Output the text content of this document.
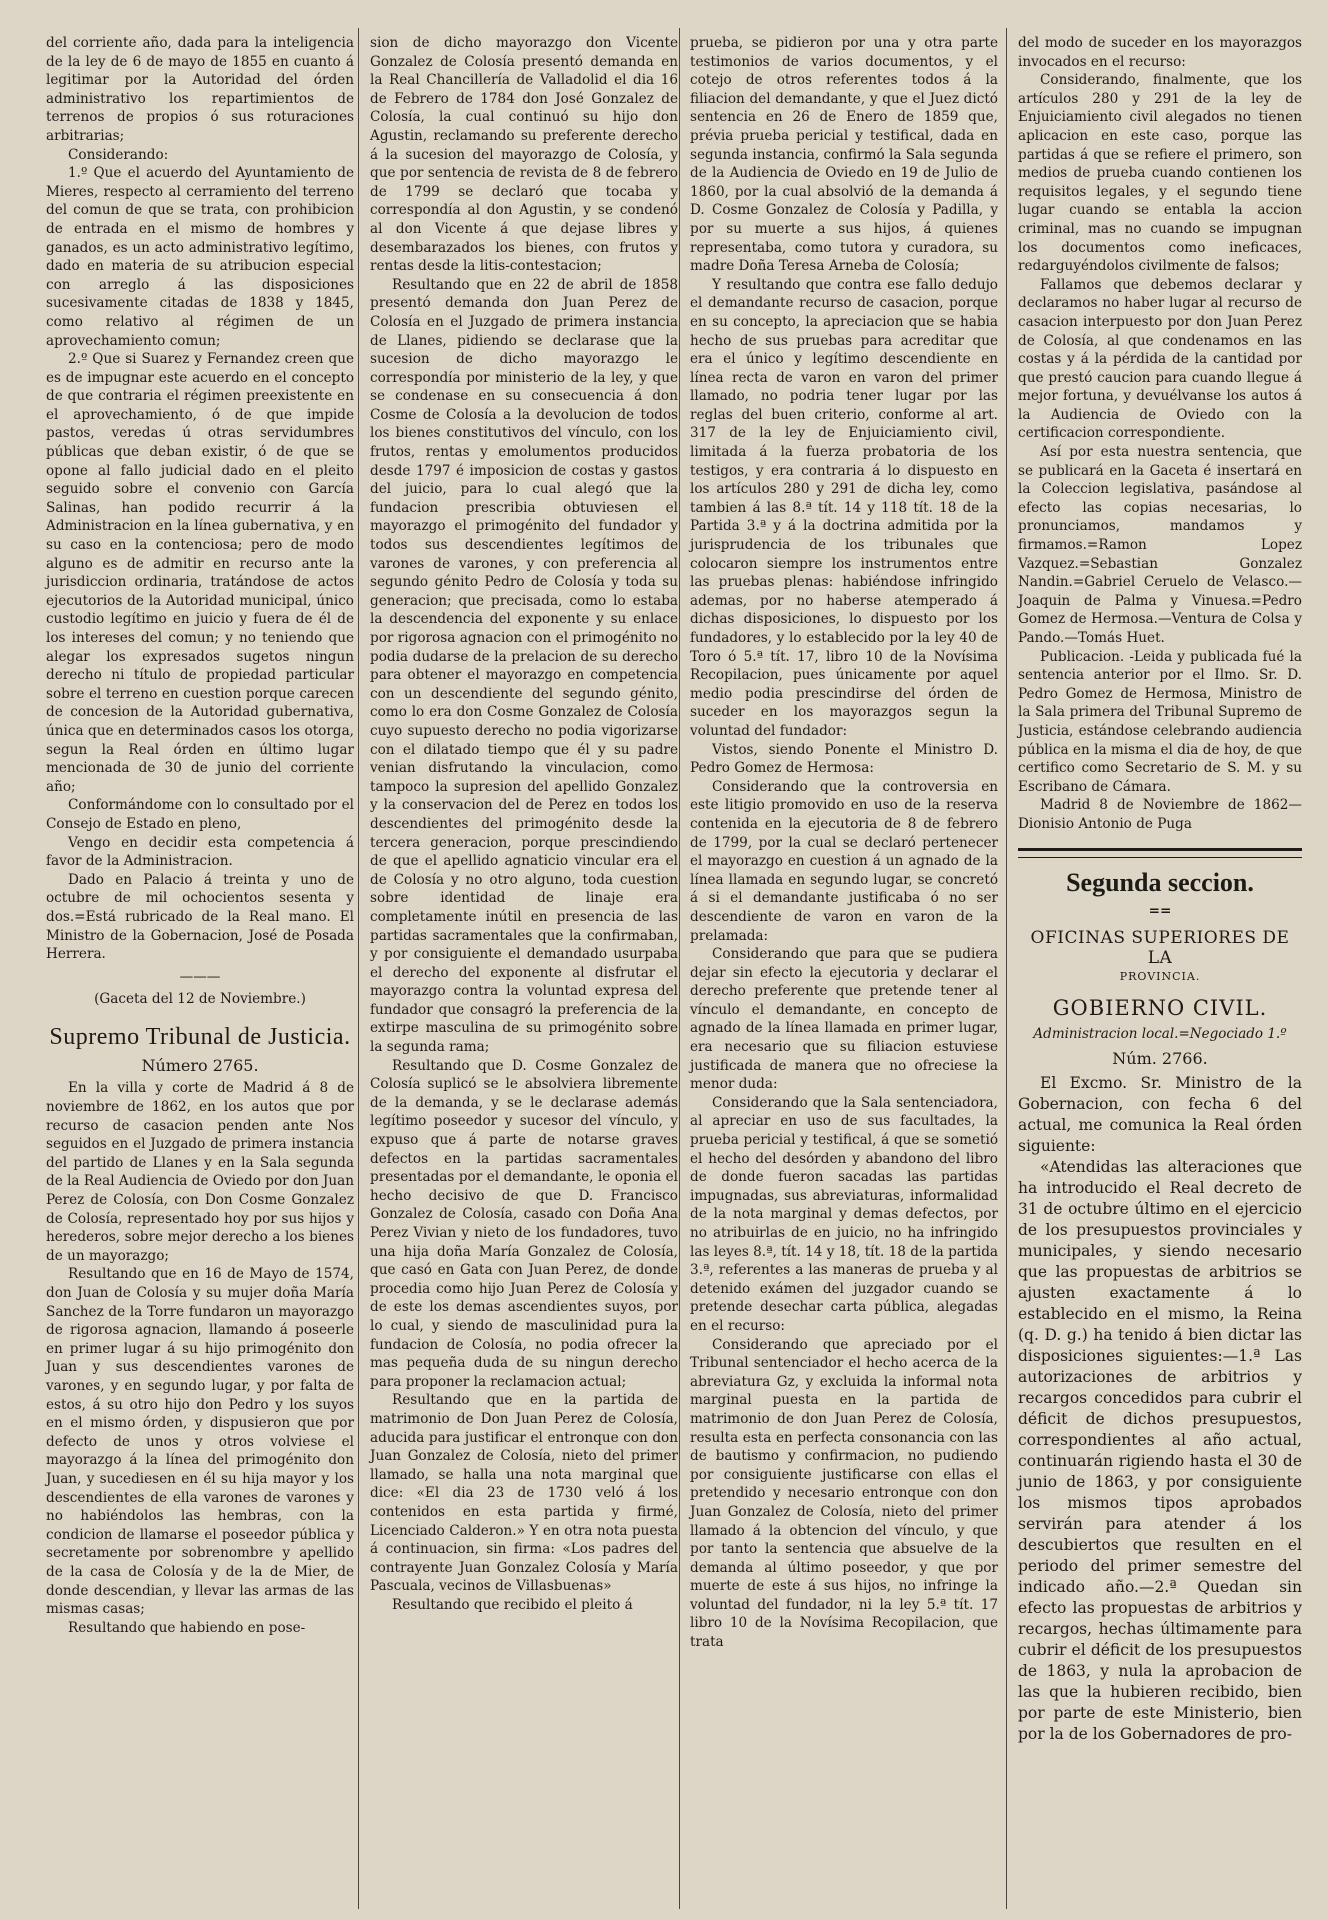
del corriente año, dada para la inteligencia de la ley de 6 de mayo de 1855 en cuanto á legitimar por la Autoridad del órden administrativo los repartimientos de terrenos de propios ó sus roturaciones arbitrarias;

Considerando:

1.º Que el acuerdo del Ayuntamiento de Mieres, respecto al cerramiento del terreno del comun de que se trata, con prohibicion de entrada en el mismo de hombres y ganados, es un acto administrativo legítimo, dado en materia de su atribucion especial con arreglo á las disposiciones sucesivamente citadas de 1838 y 1845, como relativo al régimen de un aprovechamiento comun;

2.º Que si Suarez y Fernandez creen que es de impugnar este acuerdo en el concepto de que contraria el régimen preexistente en el aprovechamiento, ó de que impide pastos, veredas ú otras servidumbres públicas que deban existir, ó de que se opone al fallo judicial dado en el pleito seguido sobre el convenio con García Salinas, han podido recurrir á la Administracion en la línea gubernativa, y en su caso en la contenciosa; pero de modo alguno es de admitir en recurso ante la jurisdiccion ordinaria, tratándose de actos ejecutorios de la Autoridad municipal, único custodio legítimo en juicio y fuera de él de los intereses del comun; y no teniendo que alegar los expresados sugetos ningun derecho ni título de propiedad particular sobre el terreno en cuestion porque carecen de concesion de la Autoridad gubernativa, única que en determinados casos los otorga, segun la Real órden en último lugar mencionada de 30 de junio del corriente año;

Conformándome con lo consultado por el Consejo de Estado en pleno,

Vengo en decidir esta competencia á favor de la Administracion.

Dado en Palacio á treinta y uno de octubre de mil ochocientos sesenta y dos.=Está rubricado de la Real mano. El Ministro de la Gobernacion, José de Posada Herrera.

———

(Gaceta del 12 de Noviembre.)

Supremo Tribunal de Justicia.
Número 2765.

En la villa y corte de Madrid á 8 de noviembre de 1862, en los autos que por recurso de casacion penden ante Nos seguidos en el Juzgado de primera instancia del partido de Llanes y en la Sala segunda de la Real Audiencia de Oviedo por don Juan Perez de Colosía, con Don Cosme Gonzalez de Colosía, representado hoy por sus hijos y herederos, sobre mejor derecho a los bienes de un mayorazgo;

Resultando que en 16 de Mayo de 1574, don Juan de Colosía y su mujer doña María Sanchez de la Torre fundaron un mayorazgo de rigorosa agnacion, llamando á poseerle en primer lugar á su hijo primogénito don Juan y sus descendientes varones de varones, y en segundo lugar, y por falta de estos, á su otro hijo don Pedro y los suyos en el mismo órden, y dispusieron que por defecto de unos y otros volviese el mayorazgo á la línea del primogénito don Juan, y sucediesen en él su hija mayor y los descendientes de ella varones de varones y no habiéndolos las hembras, con la condicion de llamarse el poseedor pública y secretamente por sobrenombre y apellido de la casa de Colosía y de la de Mier, de donde descendian, y llevar las armas de las mismas casas;

Resultando que habiendo en pose-

sion de dicho mayorazgo don Vicente Gonzalez de Colosía presentó demanda en la Real Chancillería de Valladolid el dia 16 de Febrero de 1784 don José Gonzalez de Colosía, la cual continuó su hijo don Agustin, reclamando su preferente derecho á la sucesion del mayorazgo de Colosía, y que por sentencia de revista de 8 de febrero de 1799 se declaró que tocaba y correspondía al don Agustin, y se condenó al don Vicente á que dejase libres y desembarazados los bienes, con frutos y rentas desde la litis-contestacion;

Resultando que en 22 de abril de 1858 presentó demanda don Juan Perez de Colosía en el Juzgado de primera instancia de Llanes, pidiendo se declarase que la sucesion de dicho mayorazgo le correspondía por ministerio de la ley, y que se condenase en su consecuencia á don Cosme de Colosía a la devolucion de todos los bienes constitutivos del vínculo, con los frutos, rentas y emolumentos producidos desde 1797 é imposicion de costas y gastos del juicio, para lo cual alegó que la fundacion prescribia obtuviesen el mayorazgo el primogénito del fundador y todos sus descendientes legítimos de varones de varones, y con preferencia al segundo génito Pedro de Colosía y toda su generacion; que precisada, como lo estaba la descendencia del exponente y su enlace por rigorosa agnacion con el primogénito no podia dudarse de la prelacion de su derecho para obtener el mayorazgo en competencia con un descendiente del segundo génito, como lo era don Cosme Gonzalez de Colosía cuyo supuesto derecho no podia vigorizarse con el dilatado tiempo que él y su padre venian disfrutando la vinculacion, como tampoco la supresion del apellido Gonzalez y la conservacion del de Perez en todos los descendientes del primogénito desde la tercera generacion, porque prescindiendo de que el apellido agnaticio vincular era el de Colosía y no otro alguno, toda cuestion sobre identidad de linaje era completamente inútil en presencia de las partidas sacramentales que la confirmaban, y por consiguiente el demandado usurpaba el derecho del exponente al disfrutar el mayorazgo contra la voluntad expresa del fundador que consagró la preferencia de la extirpe masculina de su primogénito sobre la segunda rama;

Resultando que D. Cosme Gonzalez de Colosía suplicó se le absolviera libremente de la demanda, y se le declarase además legítimo poseedor y sucesor del vínculo, y expuso que á parte de notarse graves defectos en la partidas sacramentales presentadas por el demandante, le oponia el hecho decisivo de que D. Francisco Gonzalez de Colosía, casado con Doña Ana Perez Vivian y nieto de los fundadores, tuvo una hija doña María Gonzalez de Colosía, que casó en Gata con Juan Perez, de donde procedia como hijo Juan Perez de Colosía y de este los demas ascendientes suyos, por lo cual, y siendo de masculinidad pura la fundacion de Colosía, no podia ofrecer la mas pequeña duda de su ningun derecho para proponer la reclamacion actual;

Resultando que en la partida de matrimonio de Don Juan Perez de Colosía, aducida para justificar el entronque con don Juan Gonzalez de Colosía, nieto del primer llamado, se halla una nota marginal que dice: «El dia 23 de 1730 veló á los contenidos en esta partida y firmé, Licenciado Calderon.» Y en otra nota puesta á continuacion, sin firma: «Los padres del contrayente Juan Gonzalez Colosía y María Pascuala, vecinos de Villasbuenas»

Resultando que recibido el pleito á

prueba, se pidieron por una y otra parte testimonios de varios documentos, y el cotejo de otros referentes todos á la filiacion del demandante, y que el Juez dictó sentencia en 26 de Enero de 1859 que, prévia prueba pericial y testifical, dada en segunda instancia, confirmó la Sala segunda de la Audiencia de Oviedo en 19 de Julio de 1860, por la cual absolvió de la demanda á D. Cosme Gonzalez de Colosía y Padilla, y por su muerte a sus hijos, á quienes representaba, como tutora y curadora, su madre Doña Teresa Arneba de Colosía;

Y resultando que contra ese fallo dedujo el demandante recurso de casacion, porque en su concepto, la apreciacion que se habia hecho de sus pruebas para acreditar que era el único y legítimo descendiente en línea recta de varon en varon del primer llamado, no podria tener lugar por las reglas del buen criterio, conforme al art. 317 de la ley de Enjuiciamiento civil, limitada á la fuerza probatoria de los testigos, y era contraria á lo dispuesto en los artículos 280 y 291 de dicha ley, como tambien á las 8.ª tít. 14 y 118 tít. 18 de la Partida 3.ª y á la doctrina admitida por la jurisprudencia de los tribunales que colocaron siempre los instrumentos entre las pruebas plenas: habiéndose infringido ademas, por no haberse atemperado á dichas disposiciones, lo dispuesto por los fundadores, y lo establecido por la ley 40 de Toro ó 5.ª tít. 17, libro 10 de la Novísima Recopilacion, pues únicamente por aquel medio podia prescindirse del órden de suceder en los mayorazgos segun la voluntad del fundador:

Vistos, siendo Ponente el Ministro D. Pedro Gomez de Hermosa:

Considerando que la controversia en este litigio promovido en uso de la reserva contenida en la ejecutoria de 8 de febrero de 1799, por la cual se declaró pertenecer el mayorazgo en cuestion á un agnado de la línea llamada en segundo lugar, se concretó á si el demandante justificaba ó no ser descendiente de varon en varon de la prelamada:

Considerando que para que se pudiera dejar sin efecto la ejecutoria y declarar el derecho preferente que pretende tener al vínculo el demandante, en concepto de agnado de la línea llamada en primer lugar, era necesario que su filiacion estuviese justificada de manera que no ofreciese la menor duda:

Considerando que la Sala sentenciadora, al apreciar en uso de sus facultades, la prueba pericial y testifical, á que se sometió el hecho del desórden y abandono del libro de donde fueron sacadas las partidas impugnadas, sus abreviaturas, informalidad de la nota marginal y demas defectos, por no atribuirlas de en juicio, no ha infringido las leyes 8.ª, tít. 14 y 18, tít. 18 de la partida 3.ª, referentes a las maneras de prueba y al detenido exámen del juzgador cuando se pretende desechar carta pública, alegadas en el recurso:

Considerando que apreciado por el Tribunal sentenciador el hecho acerca de la abreviatura Gz, y excluida la informal nota marginal puesta en la partida de matrimonio de don Juan Perez de Colosía, resulta esta en perfecta consonancia con las de bautismo y confirmacion, no pudiendo por consiguiente justificarse con ellas el pretendido y necesario entronque con don Juan Gonzalez de Colosía, nieto del primer llamado á la obtencion del vínculo, y que por tanto la sentencia que absuelve de la demanda al último poseedor, y que por muerte de este á sus hijos, no infringe la voluntad del fundador, ni la ley 5.ª tít. 17 libro 10 de la Novísima Recopilacion, que trata

del modo de suceder en los mayorazgos invocados en el recurso:

Considerando, finalmente, que los artículos 280 y 291 de la ley de Enjuiciamiento civil alegados no tienen aplicacion en este caso, porque las partidas á que se refiere el primero, son medios de prueba cuando contienen los requisitos legales, y el segundo tiene lugar cuando se entabla la accion criminal, mas no cuando se impugnan los documentos como ineficaces, redarguyéndolos civilmente de falsos;

Fallamos que debemos declarar y declaramos no haber lugar al recurso de casacion interpuesto por don Juan Perez de Colosía, al que condenamos en las costas y á la pérdida de la cantidad por que prestó caucion para cuando llegue á mejor fortuna, y devuélvanse los autos á la Audiencia de Oviedo con la certificacion correspondiente.

Así por esta nuestra sentencia, que se publicará en la Gaceta é insertará en la Coleccion legislativa, pasándose al efecto las copias necesarias, lo pronunciamos, mandamos y firmamos.=Ramon Lopez Vazquez.=Sebastian Gonzalez Nandin.=Gabriel Ceruelo de Velasco.—Joaquin de Palma y Vinuesa.=Pedro Gomez de Hermosa.—Ventura de Colsa y Pando.—Tomás Huet.

Publicacion. -Leida y publicada fué la sentencia anterior por el Ilmo. Sr. D. Pedro Gomez de Hermosa, Ministro de la Sala primera del Tribunal Supremo de Justicia, estándose celebrando audiencia pública en la misma el dia de hoy, de que certifico como Secretario de S. M. y su Escribano de Cámara.

Madrid 8 de Noviembre de 1862—Dionisio Antonio de Puga

Segunda seccion.
==
OFICINAS SUPERIORES DE LA
PROVINCIA.
GOBIERNO CIVIL.
Administracion local.=Negociado 1.º
Núm. 2766.

El Excmo. Sr. Ministro de la Gobernacion, con fecha 6 del actual, me comunica la Real órden siguiente:

«Atendidas las alteraciones que ha introducido el Real decreto de 31 de octubre último en el ejercicio de los presupuestos provinciales y municipales, y siendo necesario que las propuestas de arbitrios se ajusten exactamente á lo establecido en el mismo, la Reina (q. D. g.) ha tenido á bien dictar las disposiciones siguientes:—1.ª Las autorizaciones de arbitrios y recargos concedidos para cubrir el déficit de dichos presupuestos, correspondientes al año actual, continuarán rigiendo hasta el 30 de junio de 1863, y por consiguiente los mismos tipos aprobados servirán para atender á los descubiertos que resulten en el periodo del primer semestre del indicado año.—2.ª Quedan sin efecto las propuestas de arbitrios y recargos, hechas últimamente para cubrir el déficit de los presupuestos de 1863, y nula la aprobacion de las que la hubieren recibido, bien por parte de este Ministerio, bien por la de los Gobernadores de pro-
